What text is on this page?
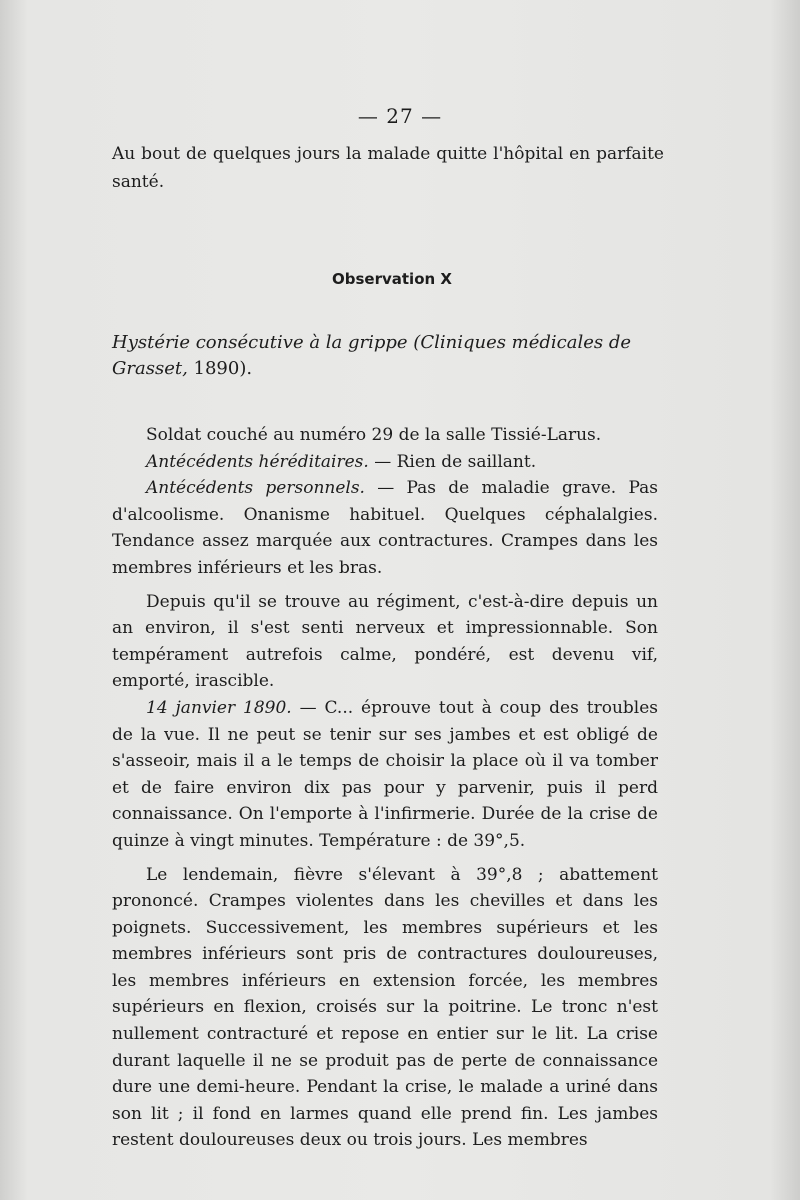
— 27 —
Au bout de quelques jours la malade quitte l'hôpital en parfaite santé.
Observation X
Hystérie consécutive à la grippe (Cliniques médicales de Grasset, 1890).

Soldat couché au numéro 29 de la salle Tissié-Larus.

Antécédents héréditaires. — Rien de saillant.

Antécédents personnels. — Pas de maladie grave. Pas d'alcoolisme. Onanisme habituel. Quelques céphalalgies. Tendance assez marquée aux contractures. Crampes dans les membres inférieurs et les bras.

Depuis qu'il se trouve au régiment, c'est-à-dire depuis un an environ, il s'est senti nerveux et impressionnable. Son tempérament autrefois calme, pondéré, est devenu vif, emporté, irascible.

14 janvier 1890. — C... éprouve tout à coup des troubles de la vue. Il ne peut se tenir sur ses jambes et est obligé de s'asseoir, mais il a le temps de choisir la place où il va tomber et de faire environ dix pas pour y parvenir, puis il perd connaissance. On l'emporte à l'infirmerie. Durée de la crise de quinze à vingt minutes. Température : de 39°,5.

Le lendemain, fièvre s'élevant à 39°,8 ; abattement prononcé. Crampes violentes dans les chevilles et dans les poignets. Successivement, les membres supérieurs et les membres inférieurs sont pris de contractures douloureuses, les membres inférieurs en extension forcée, les membres supérieurs en flexion, croisés sur la poitrine. Le tronc n'est nullement contracturé et repose en entier sur le lit. La crise durant laquelle il ne se produit pas de perte de connaissance dure une demi-heure. Pendant la crise, le malade a uriné dans son lit ; il fond en larmes quand elle prend fin. Les jambes restent douloureuses deux ou trois jours. Les membres
